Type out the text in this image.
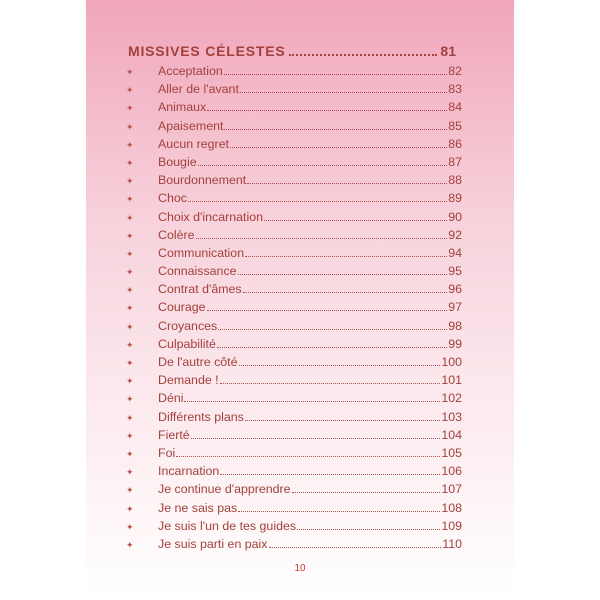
MISSIVES CÉLESTES	81
✦	Acceptation	82
✦	Aller de l'avant	83
✦	Animaux	84
✦	Apaisement	85
✦	Aucun regret	86
✦	Bougie	87
✦	Bourdonnement	88
✦	Choc	89
✦	Choix d'incarnation	90
✦	Colère	92
✦	Communication	94
✦	Connaissance	95
✦	Contrat d'âmes	96
✦	Courage	97
✦	Croyances	98
✦	Culpabilité	99
✦	De l'autre côté	100
✦	Demande !	101
✦	Déni	102
✦	Différents plans	103
✦	Fierté	104
✦	Foi	105
✦	Incarnation	106
✦	Je continue d'apprendre	107
✦	Je ne sais pas	108
✦	Je suis l'un de tes guides	109
✦	Je suis parti en paix	110
10
